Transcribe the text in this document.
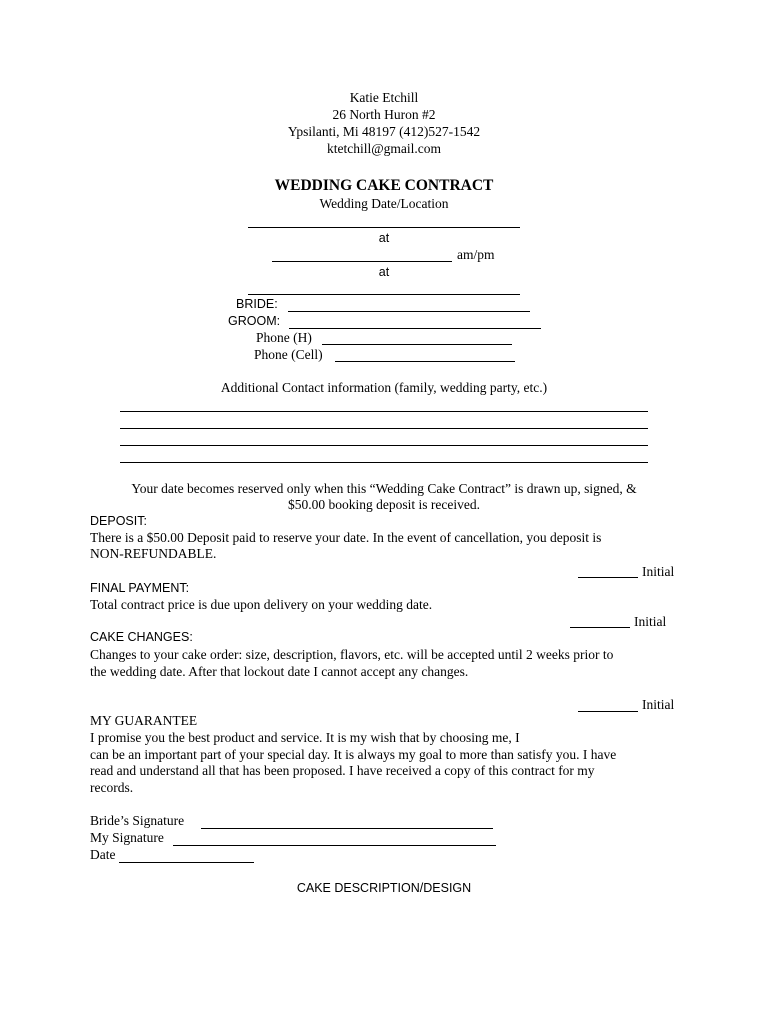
Katie Etchill
26 North Huron #2
Ypsilanti, Mi 48197 (412)527-1542
ktetchill@gmail.com
WEDDING CAKE CONTRACT
Wedding Date/Location
at
am/pm
at
BRIDE:
GROOM:
Phone (H)
Phone (Cell)
Additional Contact information (family, wedding party, etc.)
Your date becomes reserved only when this “Wedding Cake Contract” is drawn up, signed, &
$50.00 booking deposit is received.
DEPOSIT:
There is a $50.00 Deposit paid to reserve your date. In the event of cancellation, you deposit is
NON-REFUNDABLE.
Initial
FINAL PAYMENT:
Total contract price is due upon delivery on your wedding date.
Initial
CAKE CHANGES:
Changes to your cake order: size, description, flavors, etc. will be accepted until 2 weeks prior to
the wedding date. After that lockout date I cannot accept any changes.
Initial
MY GUARANTEE
I promise you the best product and service. It is my wish that by choosing me, I
can be an important part of your special day. It is always my goal to more than satisfy you. I have
read and understand all that has been proposed. I have received a copy of this contract for my
records.
Bride’s Signature
My Signature
Date
CAKE DESCRIPTION/DESIGN
